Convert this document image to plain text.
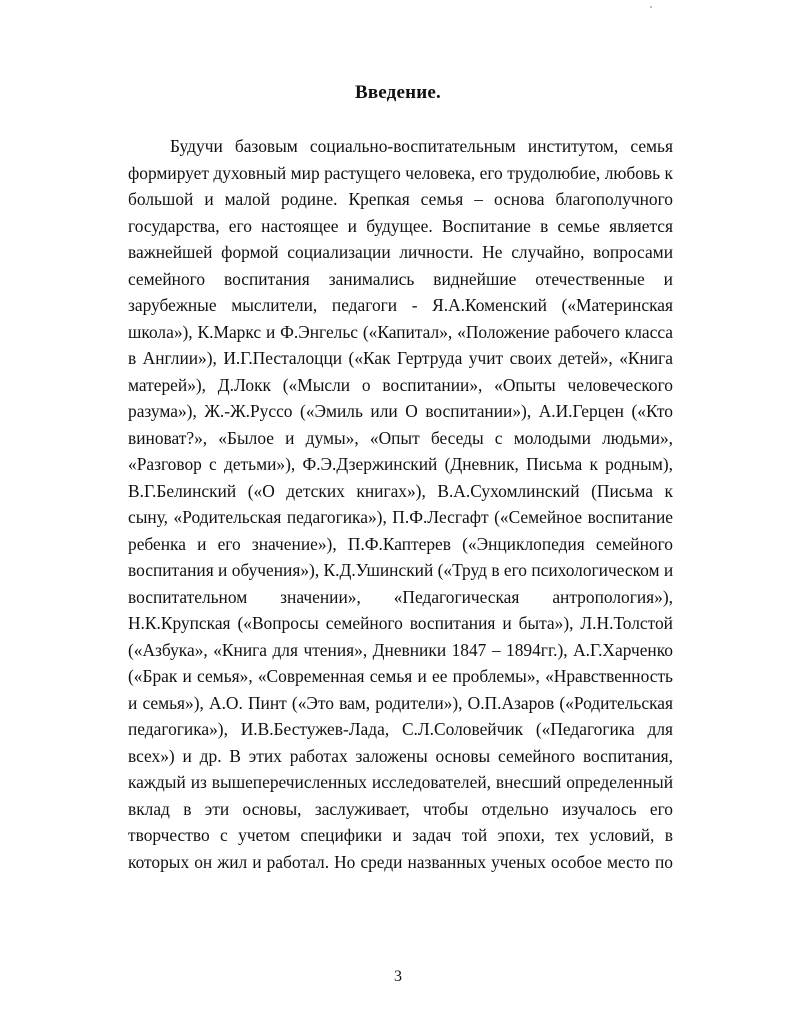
Введение.
Будучи базовым социально-воспитательным институтом, семья
формирует духовный мир растущего человека, его трудолюбие, любовь к
большой и малой родине. Крепкая семья – основа благополучного
государства, его настоящее и будущее. Воспитание в семье является
важнейшей формой социализации личности. Не случайно, вопросами
семейного воспитания занимались виднейшие отечественные и
зарубежные мыслители, педагоги - Я.А.Коменский («Материнская
школа»), К.Маркс и Ф.Энгельс («Капитал», «Положение рабочего класса
в Англии»), И.Г.Песталоцци («Как Гертруда учит своих детей», «Книга
матерей»), Д.Локк («Мысли о воспитании», «Опыты человеческого
разума»), Ж.-Ж.Руссо («Эмиль или О воспитании»), А.И.Герцен («Кто
виноват?», «Былое и думы», «Опыт беседы с молодыми людьми»,
«Разговор с детьми»), Ф.Э.Дзержинский (Дневник, Письма к родным),
В.Г.Белинский («О детских книгах»), В.А.Сухомлинский (Письма к
сыну, «Родительская педагогика»), П.Ф.Лесгафт («Семейное воспитание
ребенка и его значение»), П.Ф.Каптерев («Энциклопедия семейного
воспитания и обучения»), К.Д.Ушинский («Труд в его психологическом и
воспитательном значении», «Педагогическая антропология»),
Н.К.Крупская («Вопросы семейного воспитания и быта»), Л.Н.Толстой
(«Азбука», «Книга для чтения», Дневники 1847 – 1894гг.), А.Г.Харченко
(«Брак и семья», «Современная семья и ее проблемы», «Нравственность
и семья»), А.О. Пинт («Это вам, родители»), О.П.Азаров («Родительская
педагогика»), И.В.Бестужев-Лада, С.Л.Соловейчик («Педагогика для
всех») и др. В этих работах заложены основы семейного воспитания,
каждый из вышеперечисленных исследователей, внесший определенный
вклад в эти основы, заслуживает, чтобы отдельно изучалось его
творчество с учетом специфики и задач той эпохи, тех условий, в
которых он жил и работал. Но среди названных ученых особое место по
3
